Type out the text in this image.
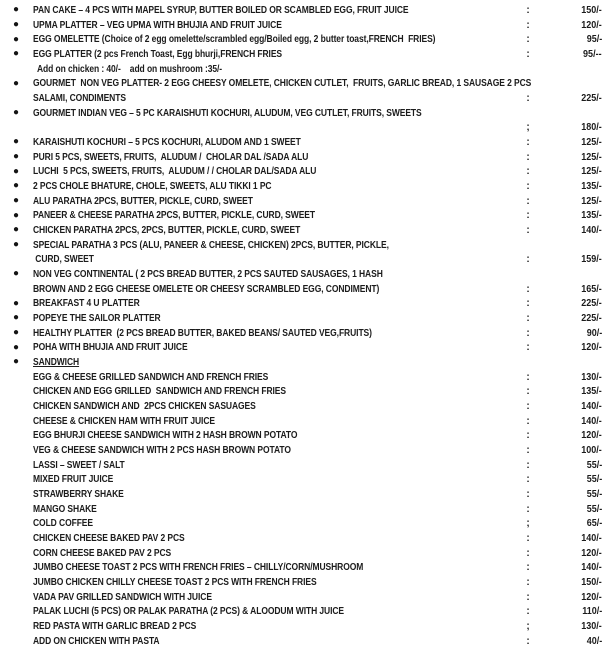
●	PAN CAKE – 4 PCS WITH MAPEL SYRUP, BUTTER BOILED OR SCAMBLED EGG, FRUIT JUICE	:	150/-
●	UPMA PLATTER – VEG UPMA WITH BHUJIA AND FRUIT JUICE	:	120/-
●	EGG OMELETTE (Choice of 2 egg omelette/scrambled egg/Boiled egg, 2 butter toast,FRENCH  FRIES)	:	95/-
●	EGG PLATTER (2 pcs French Toast, Egg bhurji,FRENCH FRIES	:	95/--
Add on chicken : 40/-    add on mushroom :35/-
●	GOURMET  NON VEG PLATTER- 2 EGG CHEESY OMELETE, CHICKEN CUTLET,  FRUITS, GARLIC BREAD, 1 SAUSAGE 2 PCS
SALAMI, CONDIMENTS	:	225/-
●	GOURMET INDIAN VEG – 5 PC KARAISHUTI KOCHURI, ALUDUM, VEG CUTLET, FRUITS, SWEETS
;	180/-
●	KARAISHUTI KOCHURI – 5 PCS KOCHURI, ALUDOM AND 1 SWEET	:	125/-
●	PURI 5 PCS, SWEETS, FRUITS,  ALUDUM /  CHOLAR DAL /SADA ALU	:	125/-
●	LUCHI  5 PCS, SWEETS, FRUITS,  ALUDUM / / CHOLAR DAL/SADA ALU	:	125/-
●	2 PCS CHOLE BHATURE, CHOLE, SWEETS, ALU TIKKI 1 PC	:	135/-
●	ALU PARATHA 2PCS, BUTTER, PICKLE, CURD, SWEET	:	125/-
●	PANEER & CHEESE PARATHA 2PCS, BUTTER, PICKLE, CURD, SWEET	:	135/-
●	CHICKEN PARATHA 2PCS, 2PCS, BUTTER, PICKLE, CURD, SWEET	:	140/-
●	SPECIAL PARATHA 3 PCS (ALU, PANEER & CHEESE, CHICKEN) 2PCS, BUTTER, PICKLE,
CURD, SWEET	:	159/-
●	NON VEG CONTINENTAL ( 2 PCS BREAD BUTTER, 2 PCS SAUTED SAUSAGES, 1 HASH
BROWN AND 2 EGG CHEESE OMELETE OR CHEESY SCRAMBLED EGG, CONDIMENT)	:	165/-
●	BREAKFAST 4 U PLATTER	:	225/-
●	POPEYE THE SAILOR PLATTER	:	225/-
●	HEALTHY PLATTER  (2 PCS BREAD BUTTER, BAKED BEANS/ SAUTED VEG,FRUITS)	:	90/-
●	POHA WITH BHUJIA AND FRUIT JUICE	:	120/-
●	SANDWICH
EGG & CHEESE GRILLED SANDWICH AND FRENCH FRIES	:	130/-
CHICKEN AND EGG GRILLED  SANDWICH AND FRENCH FRIES	:	135/-
CHICKEN SANDWICH AND  2PCS CHICKEN SASUAGES	:	140/-
CHEESE & CHICKEN HAM WITH FRUIT JUICE	:	140/-
EGG BHURJI CHEESE SANDWICH WITH 2 HASH BROWN POTATO	:	120/-
VEG & CHEESE SANDWICH WITH 2 PCS HASH BROWN POTATO	:	100/-
LASSI – SWEET / SALT	:	55/-
MIXED FRUIT JUICE	:	55/-
STRAWBERRY SHAKE	:	55/-
MANGO SHAKE	:	55/-
COLD COFFEE	;	65/-
CHICKEN CHEESE BAKED PAV 2 PCS	:	140/-
CORN CHEESE BAKED PAV 2 PCS	:	120/-
JUMBO CHEESE TOAST 2 PCS WITH FRENCH FRIES – CHILLY/CORN/MUSHROOM	:	140/-
JUMBO CHICKEN CHILLY CHEESE TOAST 2 PCS WITH FRENCH FRIES	:	150/-
VADA PAV GRILLED SANDWICH WITH JUICE	:	120/-
PALAK LUCHI (5 PCS) OR PALAK PARATHA (2 PCS) & ALOODUM WITH JUICE	:	110/-
RED PASTA WITH GARLIC BREAD 2 PCS	;	130/-
ADD ON CHICKEN WITH PASTA	:	40/-
